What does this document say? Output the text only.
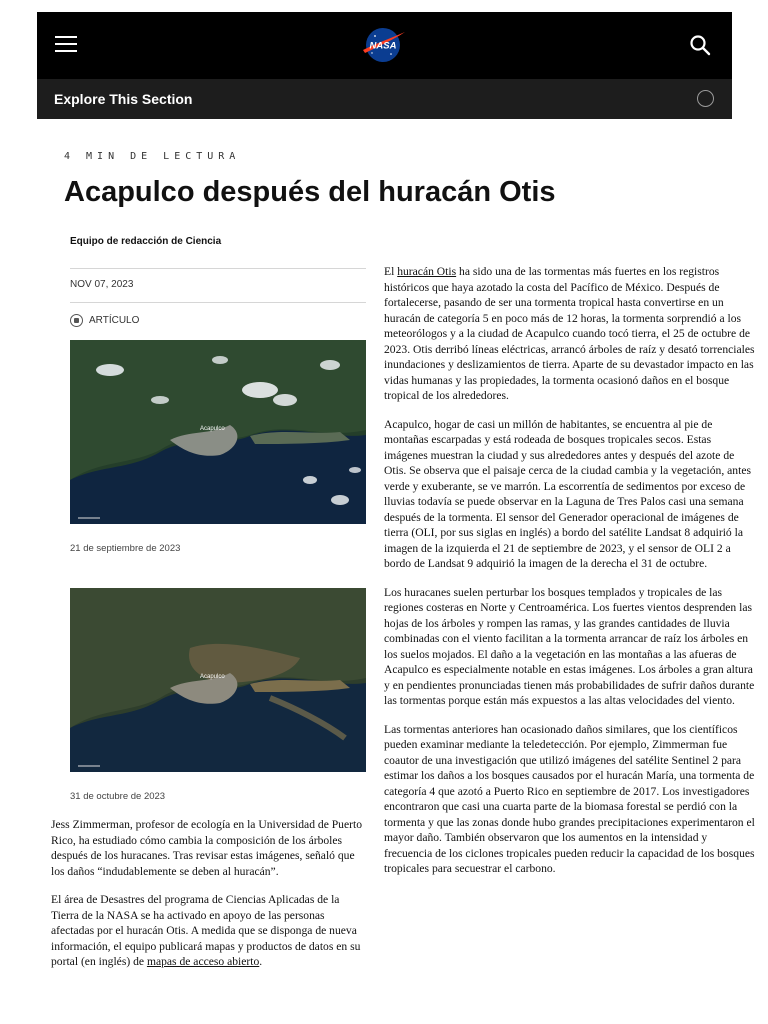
NASA
Explore This Section
4 MIN DE LECTURA
Acapulco después del huracán Otis
Equipo de redacción de Ciencia
NOV 07, 2023
ARTÍCULO
Acapulco
21 de septiembre de 2023
Acapulco
31 de octubre de 2023

Jess Zimmerman, profesor de ecología en la Universidad de Puerto Rico, ha estudiado cómo cambia la composición de los árboles después de los huracanes. Tras revisar estas imágenes, señaló que los daños “indudablemente se deben al huracán”.

El área de Desastres del programa de Ciencias Aplicadas de la Tierra de la NASA se ha activado en apoyo de las personas afectadas por el huracán Otis. A medida que se disponga de nueva información, el equipo publicará mapas y productos de datos en su portal (en inglés) de mapas de acceso abierto.

El huracán Otis ha sido una de las tormentas más fuertes en los registros históricos que haya azotado la costa del Pacífico de México. Después de fortalecerse, pasando de ser una tormenta tropical hasta convertirse en un huracán de categoría 5 en poco más de 12 horas, la tormenta sorprendió a los meteorólogos y a la ciudad de Acapulco cuando tocó tierra, el 25 de octubre de 2023. Otis derribó líneas eléctricas, arrancó árboles de raíz y desató torrenciales inundaciones y deslizamientos de tierra. Aparte de su devastador impacto en las vidas humanas y las propiedades, la tormenta ocasionó daños en el bosque tropical de los alrededores.

Acapulco, hogar de casi un millón de habitantes, se encuentra al pie de montañas escarpadas y está rodeada de bosques tropicales secos. Estas imágenes muestran la ciudad y sus alrededores antes y después del azote de Otis. Se observa que el paisaje cerca de la ciudad cambia y la vegetación, antes verde y exuberante, se ve marrón. La escorrentía de sedimentos por exceso de lluvias todavía se puede observar en la Laguna de Tres Palos casi una semana después de la tormenta. El sensor del Generador operacional de imágenes de tierra (OLI, por sus siglas en inglés) a bordo del satélite Landsat 8 adquirió la imagen de la izquierda el 21 de septiembre de 2023, y el sensor de OLI 2 a bordo de Landsat 9 adquirió la imagen de la derecha el 31 de octubre.

Los huracanes suelen perturbar los bosques templados y tropicales de las regiones costeras en Norte y Centroamérica. Los fuertes vientos desprenden las hojas de los árboles y rompen las ramas, y las grandes cantidades de lluvia combinadas con el viento facilitan a la tormenta arrancar de raíz los árboles en los suelos mojados. El daño a la vegetación en las montañas a las afueras de Acapulco es especialmente notable en estas imágenes. Los árboles a gran altura y en pendientes pronunciadas tienen más probabilidades de sufrir daños durante las tormentas porque están más expuestos a las altas velocidades del viento.

Las tormentas anteriores han ocasionado daños similares, que los científicos pueden examinar mediante la teledetección. Por ejemplo, Zimmerman fue coautor de una investigación que utilizó imágenes del satélite Sentinel 2 para estimar los daños a los bosques causados por el huracán María, una tormenta de categoría 4 que azotó a Puerto Rico en septiembre de 2017. Los investigadores encontraron que casi una cuarta parte de la biomasa forestal se perdió con la tormenta y que las zonas donde hubo grandes precipitaciones experimentaron el mayor daño. También observaron que los aumentos en la intensidad y frecuencia de los ciclones tropicales pueden reducir la capacidad de los bosques tropicales para secuestrar el carbono.
